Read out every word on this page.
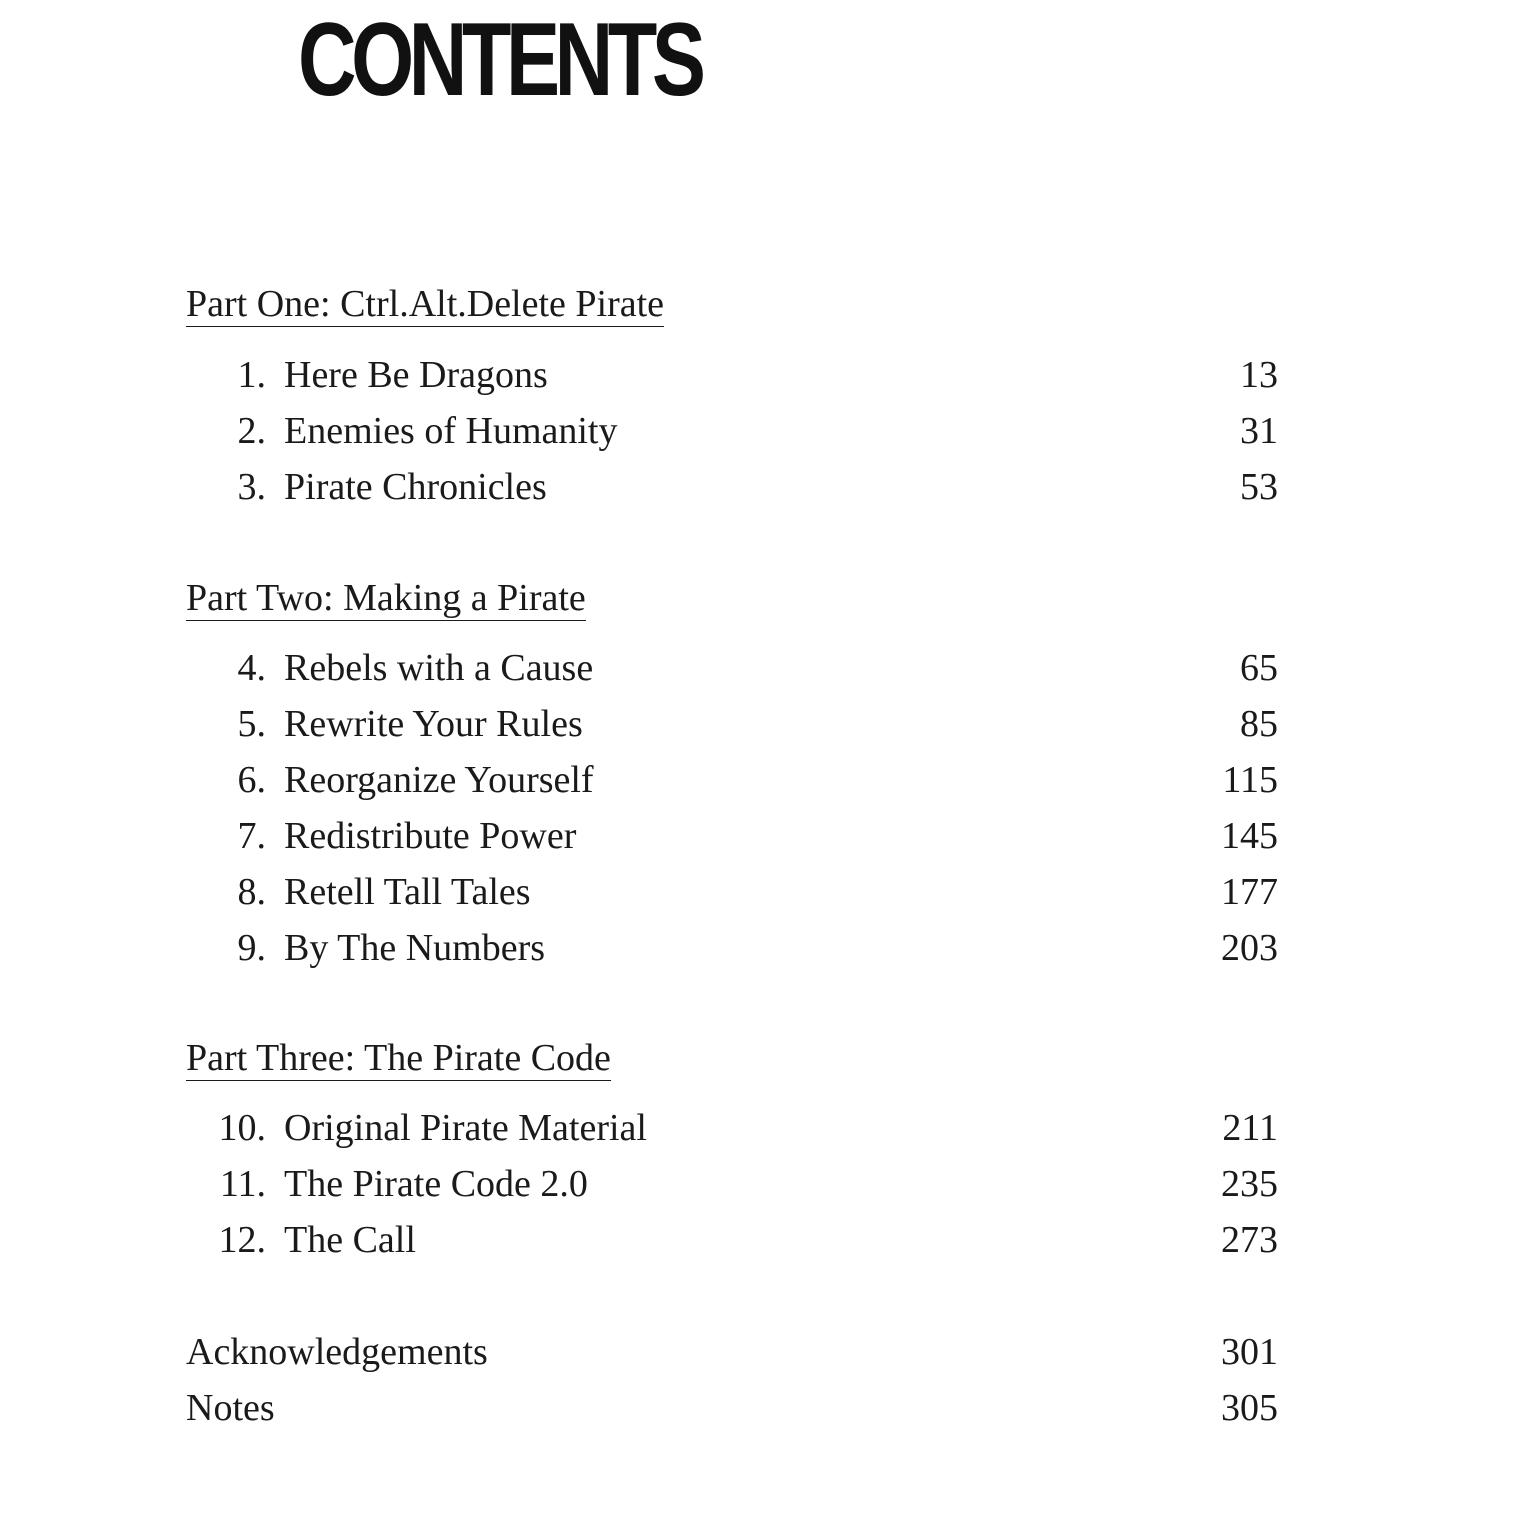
CONTENTS
Part One: Ctrl.Alt.Delete Pirate
1. Here Be Dragons	13
2. Enemies of Humanity	31
3. Pirate Chronicles	53
Part Two: Making a Pirate
4. Rebels with a Cause	65
5. Rewrite Your Rules	85
6. Reorganize Yourself	115
7. Redistribute Power	145
8. Retell Tall Tales	177
9. By The Numbers	203
Part Three: The Pirate Code
10. Original Pirate Material	211
11. The Pirate Code 2.0	235
12. The Call	273
Acknowledgements	301
Notes	305
